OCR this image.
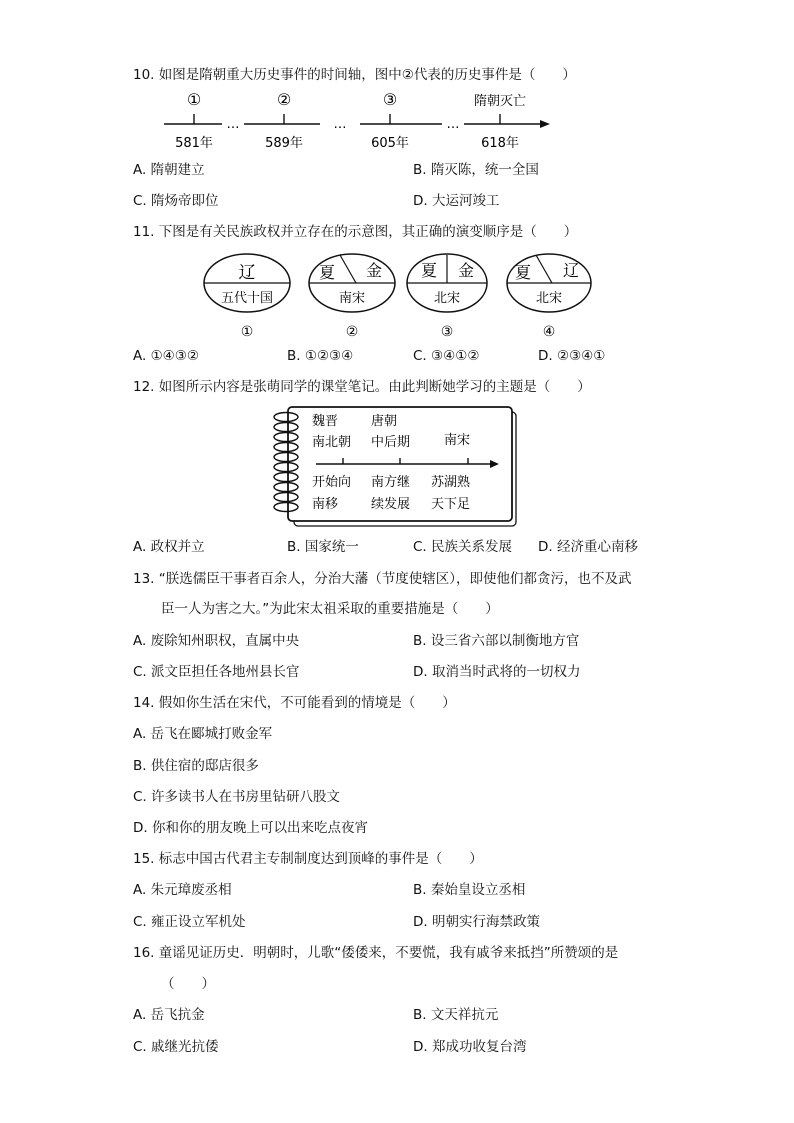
10. 如图是隋朝重大历史事件的时间轴，图中②代表的历史事件是（　　）
①	②	③	隋朝灭亡
…	…	…
581年	589年	605年	618年
A. 隋朝建立	B. 隋灭陈，统一全国
C. 隋炀帝即位	D. 大运河竣工
11. 下图是有关民族政权并立存在的示意图，其正确的演变顺序是（　　）
辽
五代十国
①
夏 金
南宋
②
夏 金
北宋
③
夏 辽
北宋
④
A. ①④③②	B. ①②③④	C. ③④①②	D. ②③④①
12. 如图所示内容是张萌同学的课堂笔记。由此判断她学习的主题是（　　）
魏晋
南北朝
唐朝
中后期	南宋
开始向
南移
南方继
续发展
苏湖熟
天下足
A. 政权并立	B. 国家统一	C. 民族关系发展 D. 经济重心南移
13. “朕选儒臣干事者百余人，分治大藩（节度使辖区），即使他们都贪污，也不及武
臣一人为害之大。”为此宋太祖采取的重要措施是（　　）
A. 废除知州职权，直属中央	B. 设三省六部以制衡地方官
C. 派文臣担任各地州县长官	D. 取消当时武将的一切权力
14. 假如你生活在宋代，不可能看到的情境是（　　）
A. 岳飞在郾城打败金军
B. 供住宿的邸店很多
C. 许多读书人在书房里钻研八股文
D. 你和你的朋友晚上可以出来吃点夜宵
15. 标志中国古代君主专制制度达到顶峰的事件是（　　）
A. 朱元璋废丞相	B. 秦始皇设立丞相
C. 雍正设立军机处	D. 明朝实行海禁政策
16. 童谣见证历史．明朝时，儿歌“倭倭来，不要慌，我有戚爷来抵挡”所赞颂的是
（　　）
A. 岳飞抗金	B. 文天祥抗元
C. 戚继光抗倭	D. 郑成功收复台湾
